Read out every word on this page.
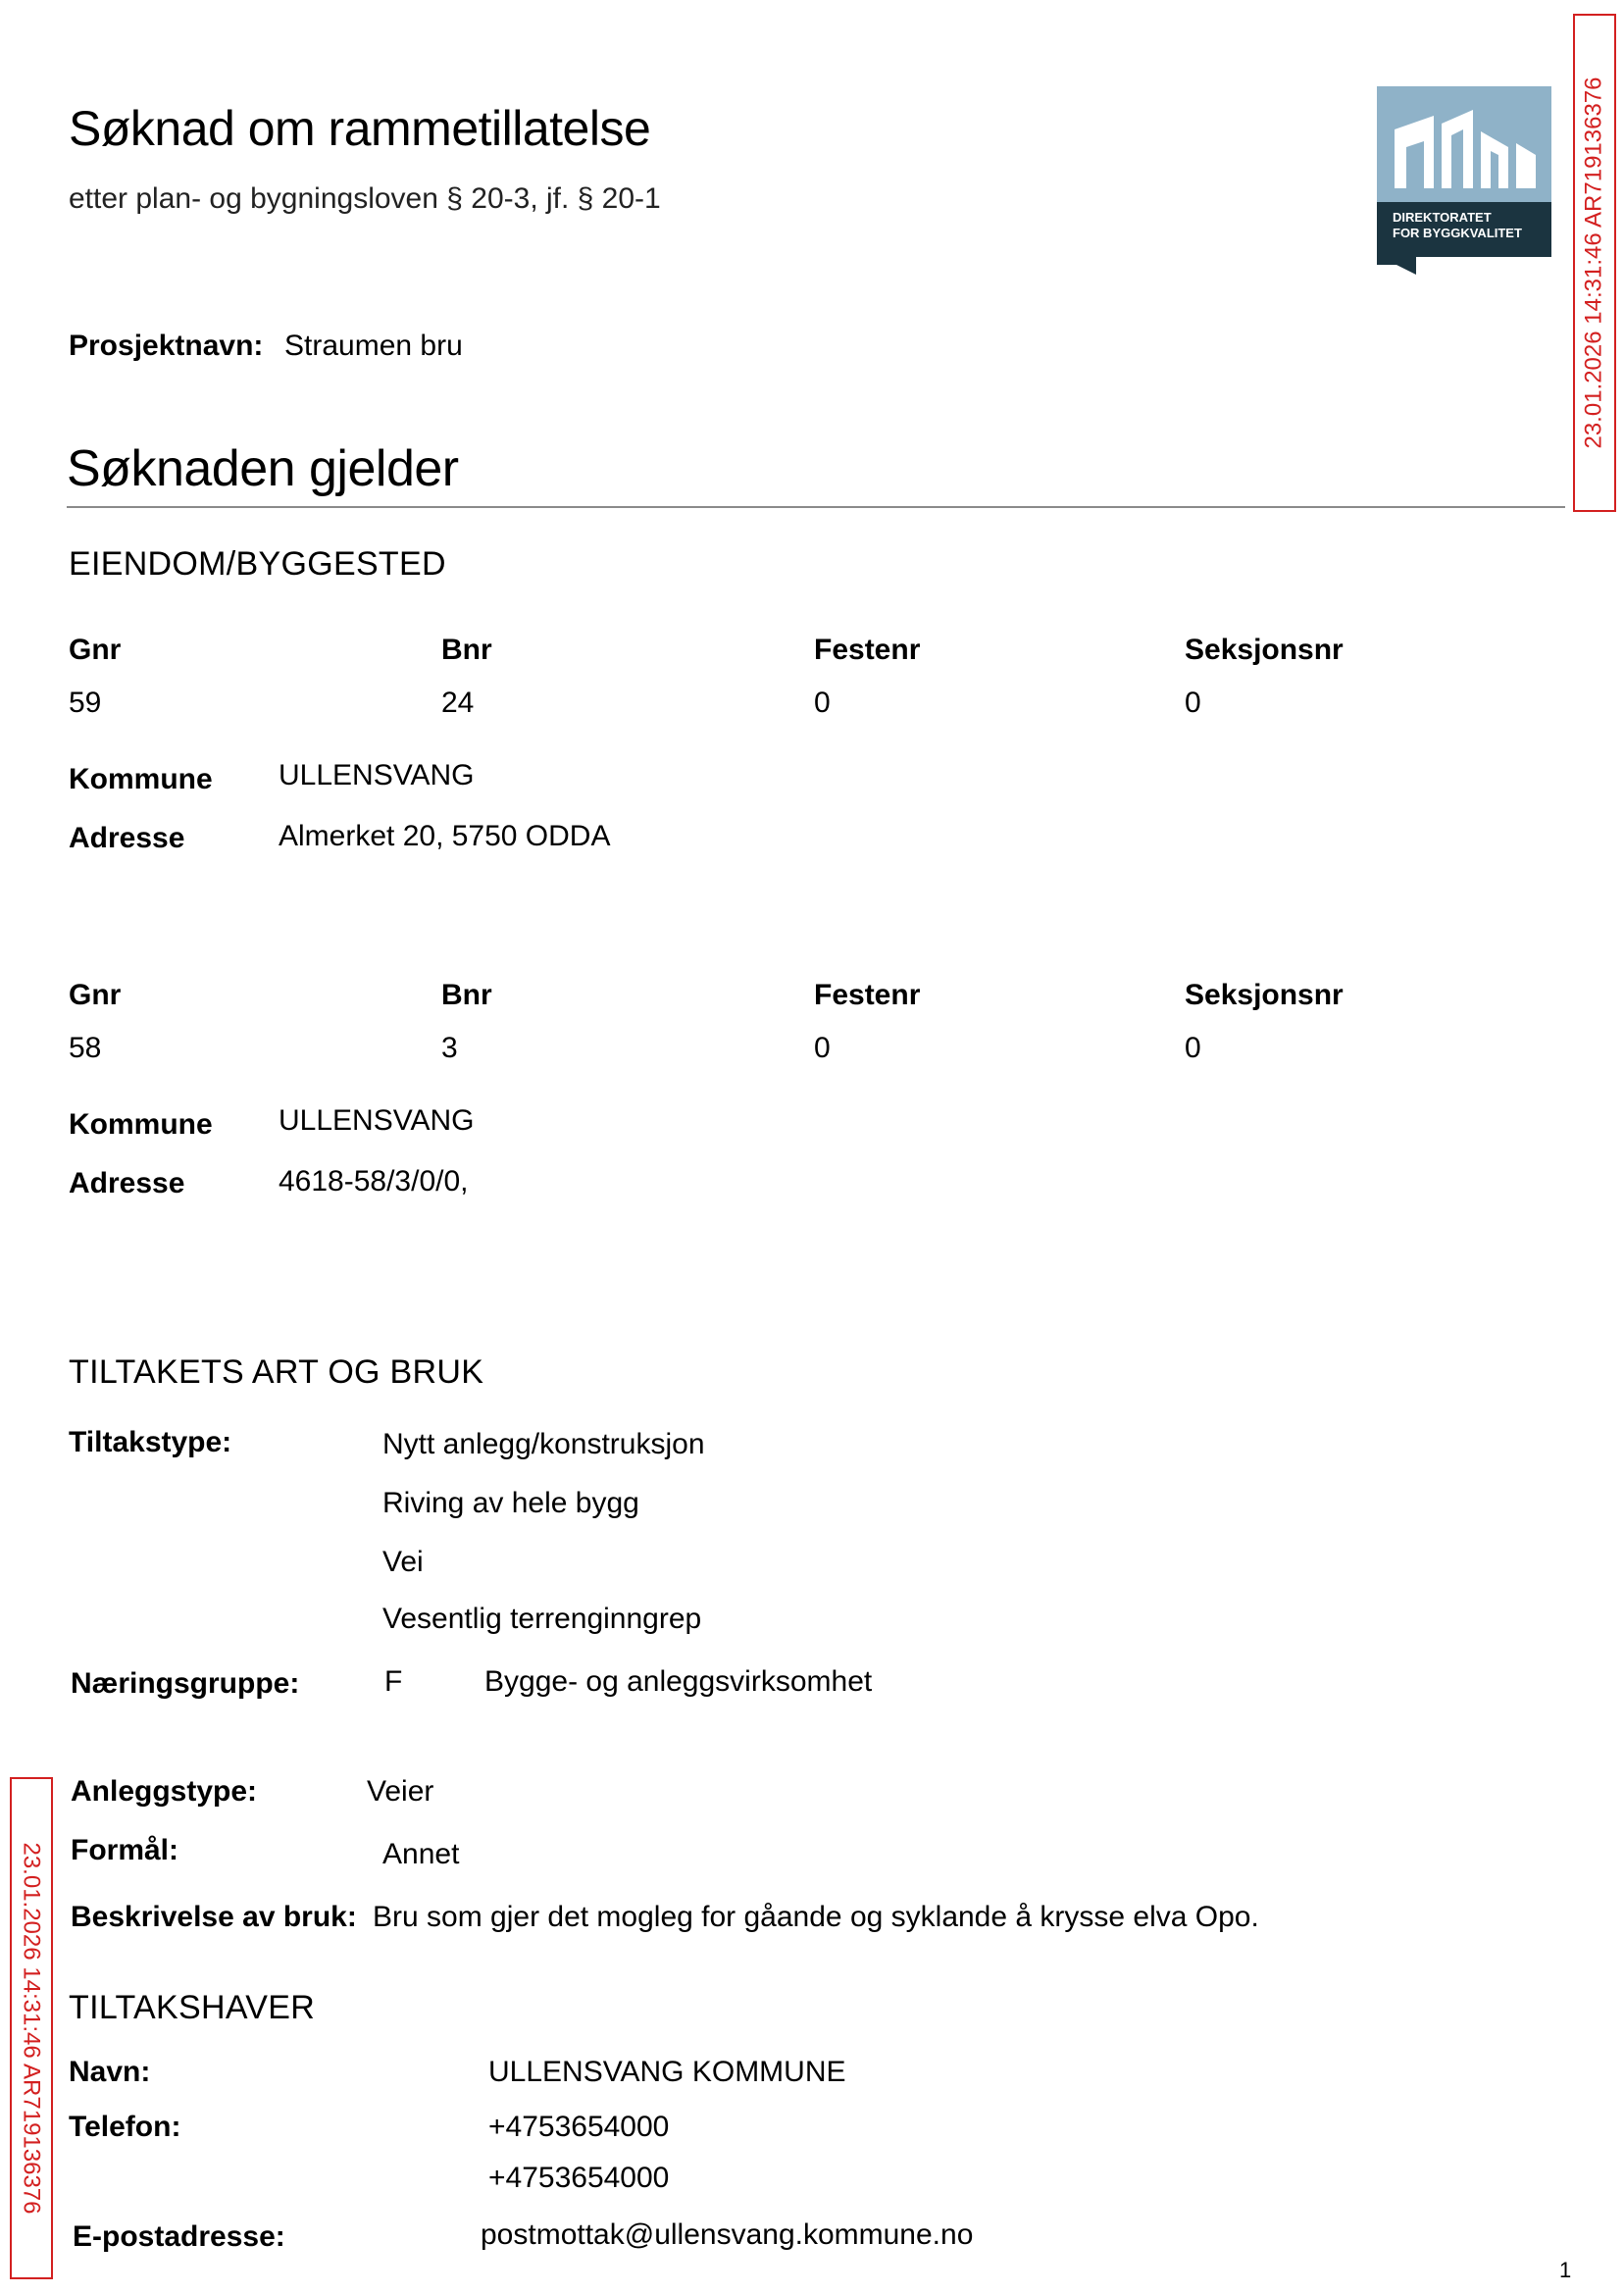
Søknad om rammetillatelse
etter plan- og bygningsloven § 20-3, jf. § 20-1
DIREKTORATET
FOR BYGGKVALITET	23.01.2026 14:31:46 AR719136376
Prosjektnavn: Straumen bru
Søknaden gjelder
EIENDOM/BYGGESTED
Gnr	Bnr	Festenr	Seksjonsnr
59	24	0	0
Kommune ULLENSVANG
Adresse	Almerket 20, 5750 ODDA
Gnr	Bnr	Festenr	Seksjonsnr
58	3	0	0
Kommune ULLENSVANG
Adresse	4618-58/3/0/0,
TILTAKETS ART OG BRUK
Tiltakstype:	Nytt anlegg/konstruksjon
Riving av hele bygg
Vei
Vesentlig terrenginngrep
Næringsgruppe:	F	Bygge- og anleggsvirksomhet
Anleggstype:	Veier
Formål:	Annet
Beskrivelse av bruk: Bru som gjer det mogleg for gåande og syklande å krysse elva Opo.
TILTAKSHAVER
Navn:	ULLENSVANG KOMMUNE
Telefon:	+4753654000
+4753654000
E-postadresse:	postmottak@ullensvang.kommune.no
23.01.2026 14:31:46 AR719136376
1
